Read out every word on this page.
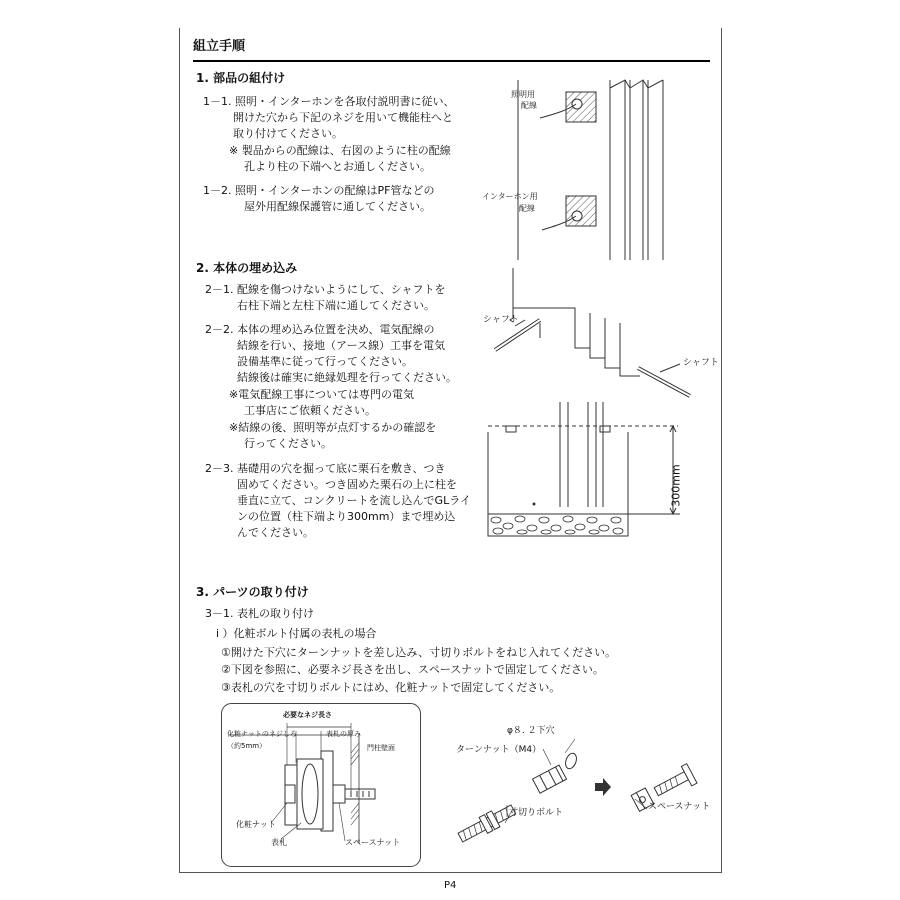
組立手順
1. 部品の組付け
1－1. 照明・インターホンを各取付説明書に従い、
開けた穴から下記のネジを用いて機能柱へと
取り付けてください。
※ 製品からの配線は、右図のように柱の配線
孔より柱の下端へとお通しください。
1－2. 照明・インターホンの配線はPF管などの
屋外用配線保護管に通してください。
照明用
配線
インターホン用
配線
2. 本体の埋め込み
2－1. 配線を傷つけないようにして、シャフトを
右柱下端と左柱下端に通してください。
2－2. 本体の埋め込み位置を決め、電気配線の
結線を行い、接地（アース線）工事を電気
設備基準に従って行ってください。
結線後は確実に絶縁処理を行ってください。
※電気配線工事については専門の電気
工事店にご依頼ください。
※結線の後、照明等が点灯するかの確認を
行ってください。
2－3. 基礎用の穴を掘って底に栗石を敷き、つき
固めてください。つき固めた栗石の上に柱を
垂直に立て、コンクリートを流し込んでGLライ
ンの位置（柱下端より300mm）まで埋め込
んでください。
シャフト
シャフト
300mm
3. パーツの取り付け
3－1. 表札の取り付け
i ）化粧ボルト付属の表札の場合
①開けた下穴にターンナットを差し込み、寸切りボルトをねじ入れてください。
②下図を参照に、必要ネジ長さを出し、スペースナットで固定してください。
③表札の穴を寸切りボルトにはめ、化粧ナットで固定してください。
必要なネジ長さ
化粧ナットのネジしろ
（約5mm）
表札の厚み
門柱壁面
化粧ナット
表札	スペースナット
φ８. ２下穴
ターンナット（M4）
寸切りボルト
スペースナット
P4
